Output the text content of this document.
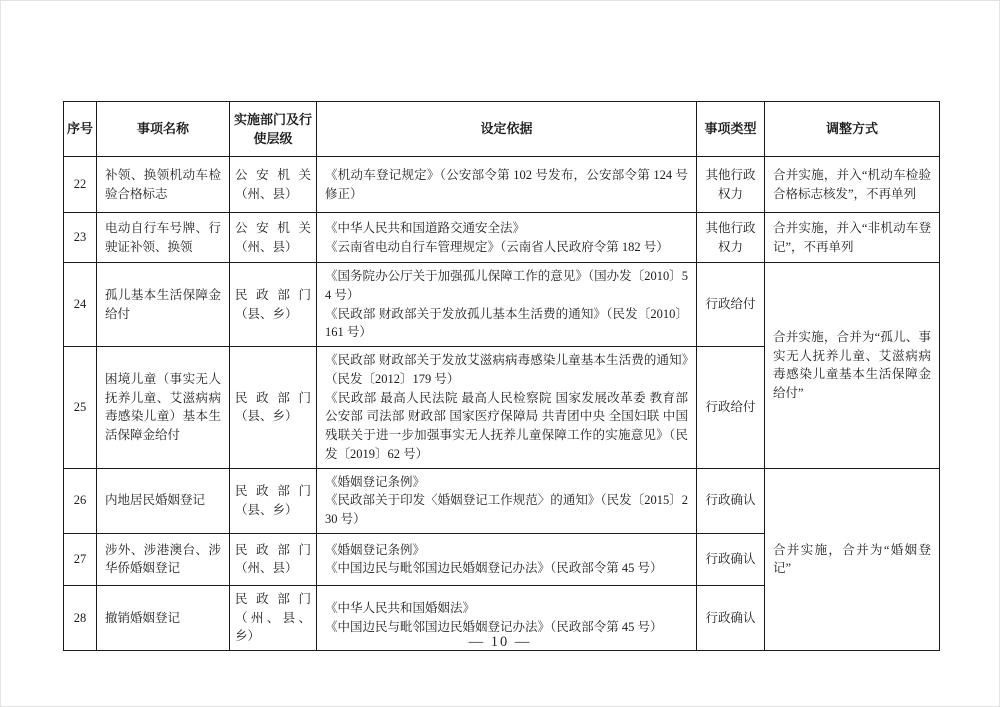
序号	事项名称	实施部门及行使层级	设定依据	事项类型	调整方式
22	补领、换领机动车检验合格标志	公安机关（州、县）	《机动车登记规定》（公安部令第 102 号发布，公安部令第 124 号修正）	其他行政权力	合并实施，并入“机动车检验合格标志核发”，不再单列
23	电动自行车号牌、行驶证补领、换领	公安机关（州、县）	《中华人民共和国道路交通安全法》
《云南省电动自行车管理规定》（云南省人民政府令第 182 号）	其他行政权力	合并实施，并入“非机动车登记”，不再单列
24	孤儿基本生活保障金给付	民政部门（县、乡）	《国务院办公厅关于加强孤儿保障工作的意见》（国办发〔2010〕54 号）
《民政部 财政部关于发放孤儿基本生活费的通知》（民发〔2010〕161 号）	行政给付	合并实施，合并为“孤儿、事实无人抚养儿童、艾滋病病毒感染儿童基本生活保障金给付”
25	困境儿童（事实无人抚养儿童、艾滋病病毒感染儿童）基本生活保障金给付	民政部门（县、乡）	《民政部 财政部关于发放艾滋病病毒感染儿童基本生活费的通知》（民发〔2012〕179 号）
《民政部 最高人民法院 最高人民检察院 国家发展改革委 教育部 公安部 司法部 财政部 国家医疗保障局 共青团中央 全国妇联 中国残联关于进一步加强事实无人抚养儿童保障工作的实施意见》（民发〔2019〕62 号）	行政给付	
26	内地居民婚姻登记	民政部门（县、乡）	《婚姻登记条例》
《民政部关于印发〈婚姻登记工作规范〉的通知》（民发〔2015〕230 号）	行政确认	合并实施，合并为“婚姻登记”
27	涉外、涉港澳台、涉华侨婚姻登记	民政部门（州、县）	《婚姻登记条例》
《中国边民与毗邻国边民婚姻登记办法》（民政部令第 45 号）	行政确认	
28	撤销婚姻登记	民政部门（州、县、乡）	《中华人民共和国婚姻法》
《中国边民与毗邻国边民婚姻登记办法》（民政部令第 45 号）	行政确认	
— 10 —
